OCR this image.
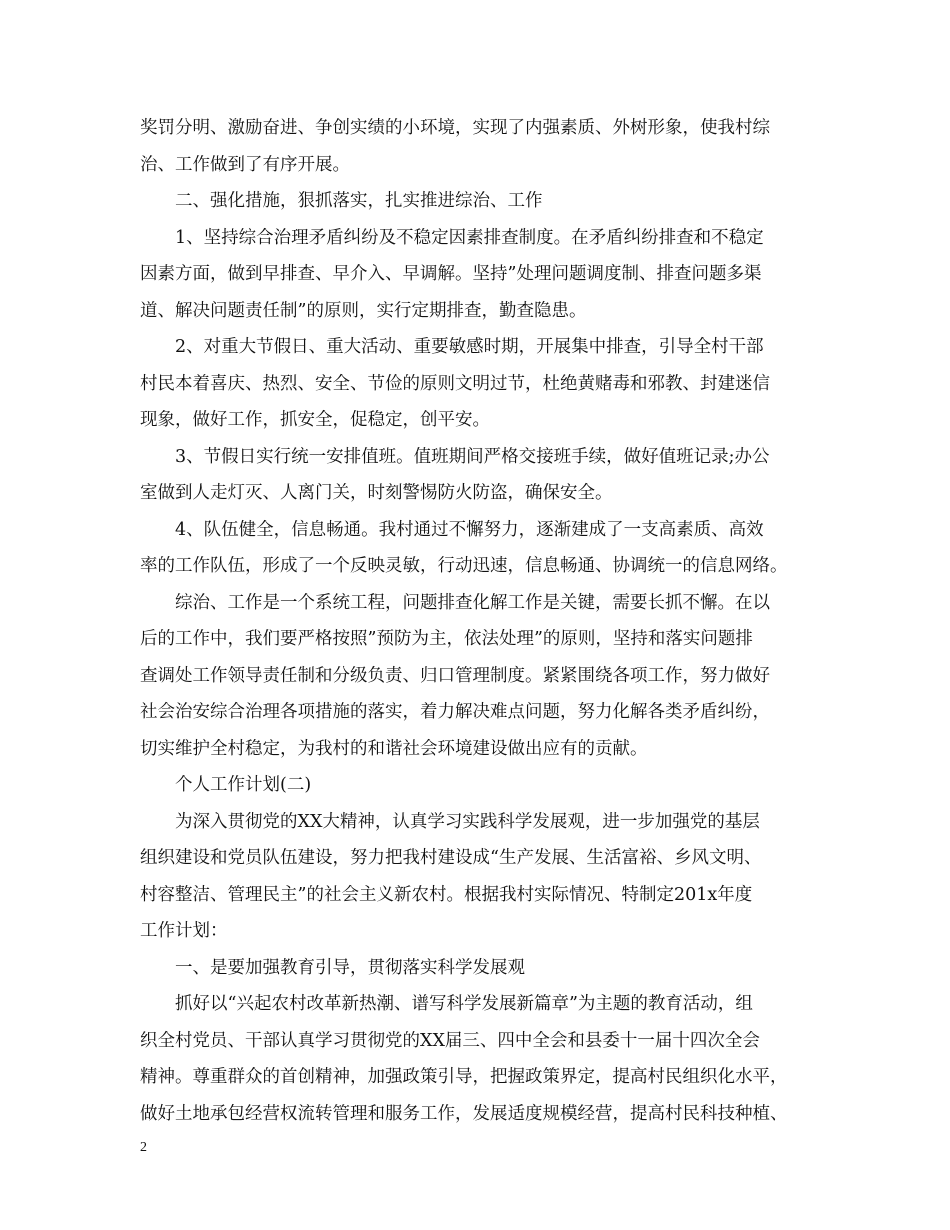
奖罚分明、激励奋进、争创实绩的小环境，实现了内强素质、外树形象，使我村综
治、工作做到了有序开展。
二、强化措施，狠抓落实，扎实推进综治、工作
1、坚持综合治理矛盾纠纷及不稳定因素排查制度。在矛盾纠纷排查和不稳定
因素方面，做到早排查、早介入、早调解。坚持”处理问题调度制、排查问题多渠
道、解决问题责任制”的原则，实行定期排查，勤查隐患。
2、对重大节假日、重大活动、重要敏感时期，开展集中排查，引导全村干部
村民本着喜庆、热烈、安全、节俭的原则文明过节，杜绝黄赌毒和邪教、封建迷信
现象，做好工作，抓安全，促稳定，创平安。
3、节假日实行统一安排值班。值班期间严格交接班手续，做好值班记录;办公
室做到人走灯灭、人离门关，时刻警惕防火防盗，确保安全。
4、队伍健全，信息畅通。我村通过不懈努力，逐渐建成了一支高素质、高效
率的工作队伍，形成了一个反映灵敏，行动迅速，信息畅通、协调统一的信息网络。
综治、工作是一个系统工程，问题排查化解工作是关键，需要长抓不懈。在以
后的工作中，我们要严格按照”预防为主，依法处理”的原则，坚持和落实问题排
查调处工作领导责任制和分级负责、归口管理制度。紧紧围绕各项工作，努力做好
社会治安综合治理各项措施的落实，着力解决难点问题，努力化解各类矛盾纠纷，
切实维护全村稳定，为我村的和谐社会环境建设做出应有的贡献。
个人工作计划(二)
为深入贯彻党的XX大精神，认真学习实践科学发展观，进一步加强党的基层
组织建设和党员队伍建设，努力把我村建设成“生产发展、生活富裕、乡风文明、
村容整洁、管理民主”的社会主义新农村。根据我村实际情况、特制定201x年度
工作计划：
一、是要加强教育引导，贯彻落实科学发展观
抓好以“兴起农村改革新热潮、谱写科学发展新篇章”为主题的教育活动，组
织全村党员、干部认真学习贯彻党的XX届三、四中全会和县委十一届十四次全会
精神。尊重群众的首创精神，加强政策引导，把握政策界定，提高村民组织化水平，
做好土地承包经营权流转管理和服务工作，发展适度规模经营，提高村民科技种植、
2
